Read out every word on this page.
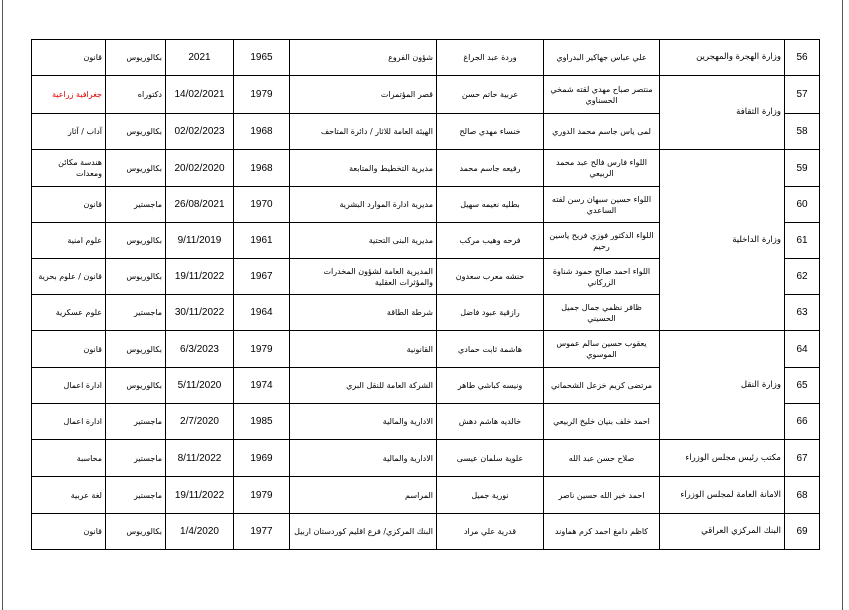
56	وزارة الهجرة والمهجرين	علي عباس جهاكير البدراوي	وردة عبد الجراغ	شؤون الفروع	1965	2021	بكالوريوس	قانون
57	وزارة الثقافة	منتصر صباح مهدي لقته شمخي الحسناوي	عربية حاتم حسن	قصر المؤتمرات	1979	14/02/2021	دكتوراه	جغرافية زراعية
58		لمى ياس جاسم محمد الدوري	خنساء مهدي صالح	الهيئة العامة للاثار / دائرة المتاحف	1968	02/02/2023	بكالوريوس	آداب / آثار
59	وزارة الداخلية	اللواء فارس فالح عبد محمد الربيعي	رفيعه جاسم محمد	مديرية التخطيط والمتابعة	1968	20/02/2020	بكالوريوس	هندسة مكائن ومعدات
60		اللواء حسين سبهان رسن لفته الساعدي	بطليه نعيمه سهيل	مديرية ادارة الموارد البشرية	1970	26/08/2021	ماجستير	قانون
61		اللواء الدكتور فوزي فريح ياسين رحيم	فرحه وهيب مركب	مديرية البنى التحتية	1961	9/11/2019	بكالوريوس	علوم امنية
62		اللواء احمد صالح حمود شناوة الزركاني	حنشه معرب سعدون	المديرية العامة لشؤون المخدرات والمؤثرات العقلية	1967	19/11/2022	بكالوريوس	قانون / علوم بحرية
63		ظافر نظمي جمال جميل الحسيني	رازقية عبود فاضل	شرطة الطاقة	1964	30/11/2022	ماجستير	علوم عسكرية
64	وزارة النقل	يعقوب حسين سالم عموس الموسوي	هاشمة ثابت حمادي	القانونية	1979	6/3/2023	بكالوريوس	قانون
65		مرتضى كريم خزعل الشحماني	ونيسه كباشي طاهر	الشركة العامة للنقل البري	1974	5/11/2020	بكالوريوس	ادارة اعمال
66		احمد خلف بنيان خليخ الربيعي	خالديه هاشم دهش	الادارية والمالية	1985	2/7/2020	ماجستير	ادارة اعمال
67	مكتب رئيس مجلس الوزراء	صلاح حسن عبد الله	علوية سلمان عيسى	الادارية والمالية	1969	8/11/2022	ماجستير	محاسبة
68	الامانة العامة لمجلس الوزراء	احمد خير الله حسين ناصر	نورية جميل	المراسم	1979	19/11/2022	ماجستير	لغة عربية
69	البنك المركزي العراقي	كاظم دامغ احمد كرم هماوند	قدرية علي مراد	البنك المركزي/ فرع اقليم كوردستان اربيل	1977	1/4/2020	بكالوريوس	قانون
